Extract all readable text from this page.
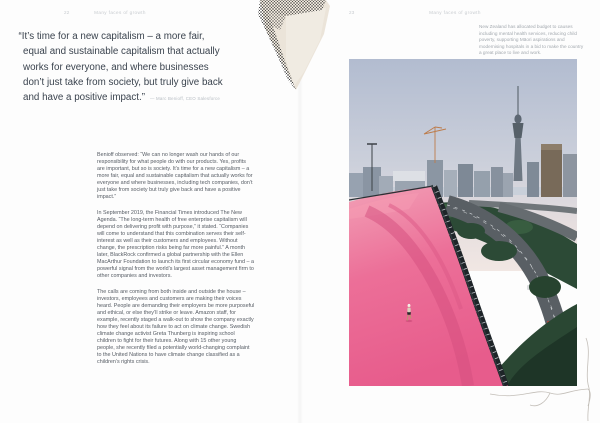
22	Many faces of growth
“It’s time for a new capitalism – a more fair,
equal and sustainable capitalism that actually
works for everyone, and where businesses
don’t just take from society, but truly give back
and have a positive impact.” — Marc Benioff, CEO Salesforce

Benioff observed: “We can no longer wash our hands of our responsibility for what people do with our products. Yes, profits are important, but so is society. It’s time for a new capitalism – a more fair, equal and sustainable capitalism that actually works for everyone and where businesses, including tech companies, don’t just take from society but truly give back and have a positive impact.”

In September 2019, the Financial Times introduced The New Agenda. “The long-term health of free enterprise capitalism will depend on delivering profit with purpose,” it stated. “Companies will come to understand that this combination serves their self-interest as well as their customers and employees. Without change, the prescription risks being far more painful.” A month later, BlackRock confirmed a global partnership with the Ellen MacArthur Foundation to launch its first circular economy fund – a powerful signal from the world’s largest asset management firm to other companies and investors.

The calls are coming from both inside and outside the house – investors, employees and customers are making their voices heard. People are demanding their employers be more purposeful and ethical, or else they’ll strike or leave. Amazon staff, for example, recently staged a walk-out to show the company exactly how they feel about its failure to act on climate change. Swedish climate change activist Greta Thunberg is inspiring school children to fight for their futures. Along with 15 other young people, she recently filed a potentially world-changing complaint to the United Nations to have climate change classified as a children’s rights crisis.

23	Many faces of growth
New Zealand has allocated budget to causes including mental health services, reducing child poverty, supporting Māori aspirations and modernising hospitals in a bid to make the country a great place to live and work.
